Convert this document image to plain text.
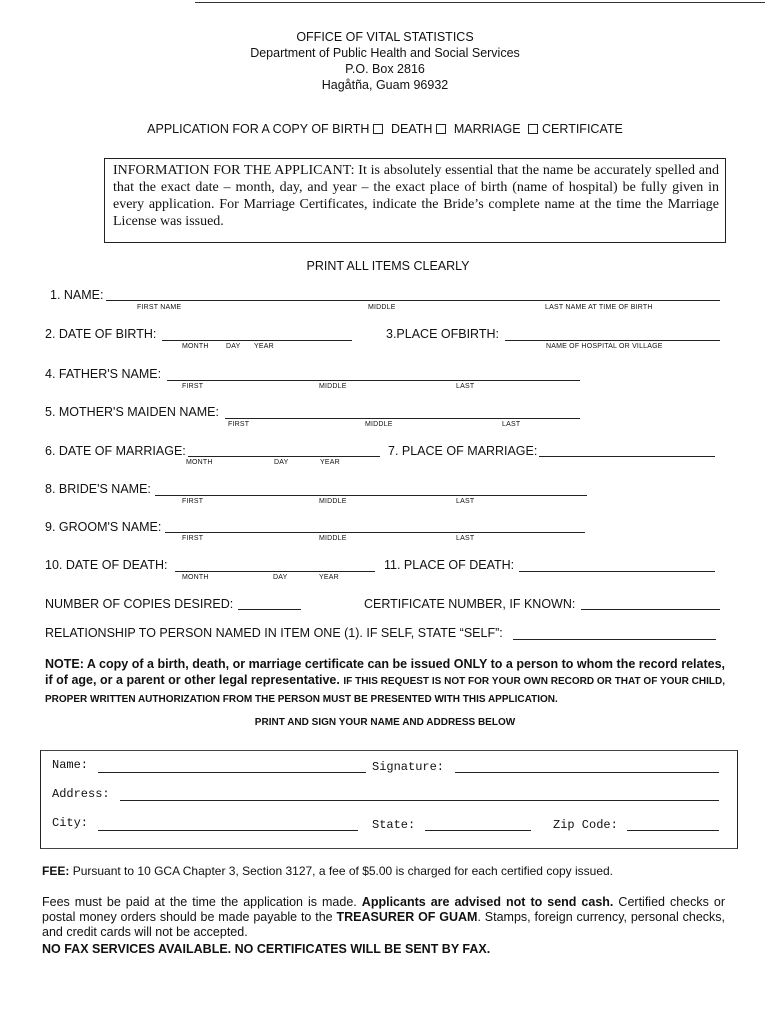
OFFICE OF VITAL STATISTICS
Department of Public Health and Social Services
P.O. Box 2816
Hagåtña, Guam 96932
APPLICATION FOR A COPY OF BIRTH DEATH MARRIAGE CERTIFICATE
INFORMATION FOR THE APPLICANT: It is absolutely essential that the name be accurately spelled and that the exact date – month, day, and year – the exact place of birth (name of hospital) be fully given in every application. For Marriage Certificates, indicate the Bride’s complete name at the time the Marriage License was issued.
PRINT ALL ITEMS CLEARLY
1. NAME:
FIRST NAME	MIDDLE	LAST NAME AT TIME OF BIRTH
2. DATE OF BIRTH:
MONTH DAY YEAR
3.PLACE OFBIRTH:
NAME OF HOSPITAL OR VILLAGE
4. FATHER'S NAME:
FIRST	MIDDLE	LAST
5. MOTHER'S MAIDEN NAME:
FIRST	MIDDLE	LAST
6. DATE OF MARRIAGE:
MONTH	DAY	YEAR
7. PLACE OF MARRIAGE:
8. BRIDE'S NAME:
FIRST	MIDDLE	LAST
9. GROOM'S NAME:
FIRST	MIDDLE	LAST
10. DATE OF DEATH:
MONTH	DAY	YEAR
11. PLACE OF DEATH:
NUMBER OF COPIES DESIRED:	CERTIFICATE NUMBER, IF KNOWN:
RELATIONSHIP TO PERSON NAMED IN ITEM ONE (1). IF SELF, STATE “SELF”:
NOTE: A copy of a birth, death, or marriage certificate can be issued ONLY to a person to whom the record relates, if of age, or a parent or other legal representative. IF THIS REQUEST IS NOT FOR YOUR OWN RECORD OR THAT OF YOUR CHILD, PROPER WRITTEN AUTHORIZATION FROM THE PERSON MUST BE PRESENTED WITH THIS APPLICATION.
PRINT AND SIGN YOUR NAME AND ADDRESS BELOW
Name:	Signature:
Address:
City:	State:	Zip Code:
FEE: Pursuant to 10 GCA Chapter 3, Section 3127, a fee of $5.00 is charged for each certified copy issued.
Fees must be paid at the time the application is made. Applicants are advised not to send cash. Certified checks or postal money orders should be made payable to the TREASURER OF GUAM. Stamps, foreign currency, personal checks, and credit cards will not be accepted.
NO FAX SERVICES AVAILABLE. NO CERTIFICATES WILL BE SENT BY FAX.
